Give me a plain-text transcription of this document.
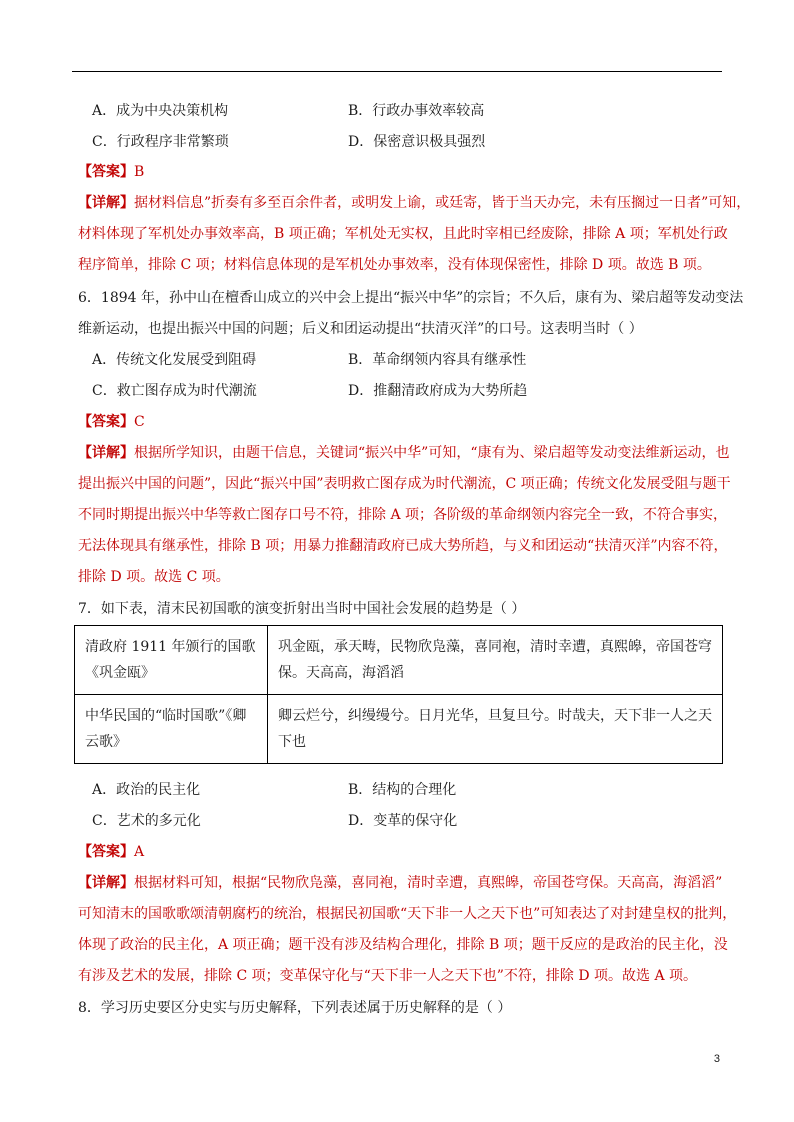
A．成为中央决策机构	B．行政办事效率较高
C．行政程序非常繁琐	D．保密意识极具强烈
【答案】B
【详解】据材料信息”折奏有多至百余件者，或明发上谕，或廷寄，皆于当天办完，未有压搁过一日者”可知，
材料体现了军机处办事效率高，B 项正确；军机处无实权，且此时宰相已经废除，排除 A 项；军机处行政
程序简单，排除 C 项；材料信息体现的是军机处办事效率，没有体现保密性，排除 D 项。故选 B 项。
6．1894 年，孙中山在檀香山成立的兴中会上提出“振兴中华”的宗旨；不久后，康有为、梁启超等发动变法
维新运动，也提出振兴中国的问题；后义和团运动提出“扶清灭洋”的口号。这表明当时（ ）
A．传统文化发展受到阻碍	B．革命纲领内容具有继承性
C．救亡图存成为时代潮流	D．推翻清政府成为大势所趋
【答案】C
【详解】根据所学知识，由题干信息，关键词“振兴中华”可知，“康有为、梁启超等发动变法维新运动，也
提出振兴中国的问题”，因此“振兴中国”表明救亡图存成为时代潮流，C 项正确；传统文化发展受阻与题干
不同时期提出振兴中华等救亡图存口号不符，排除 A 项；各阶级的革命纲领内容完全一致，不符合事实，
无法体现具有继承性，排除 B 项；用暴力推翻清政府已成大势所趋，与义和团运动“扶清灭洋”内容不符，
排除 D 项。故选 C 项。
7．如下表，清末民初国歌的演变折射出当时中国社会发展的趋势是（ ）
清政府 1911 年颁行的国歌《巩金瓯》	巩金瓯，承天畴，民物欣凫藻，喜同袍，清时幸遭，真熙皞，帝国苍穹保。天高高，海滔滔
中华民国的“临时国歌”《卿云歌》	卿云烂兮，纠缦缦兮。日月光华，旦复旦兮。时哉夫，天下非一人之天下也
A．政治的民主化	B．结构的合理化
C．艺术的多元化	D．变革的保守化
【答案】A
【详解】根据材料可知，根据“民物欣凫藻，喜同袍，清时幸遭，真熙皞，帝国苍穹保。天高高，海滔滔”
可知清末的国歌歌颂清朝腐朽的统治，根据民初国歌“天下非一人之天下也”可知表达了对封建皇权的批判，
体现了政治的民主化，A 项正确；题干没有涉及结构合理化，排除 B 项；题干反应的是政治的民主化，没
有涉及艺术的发展，排除 C 项；变革保守化与“天下非一人之天下也”不符，排除 D 项。故选 A 项。
8．学习历史要区分史实与历史解释，下列表述属于历史解释的是（ ）
3
